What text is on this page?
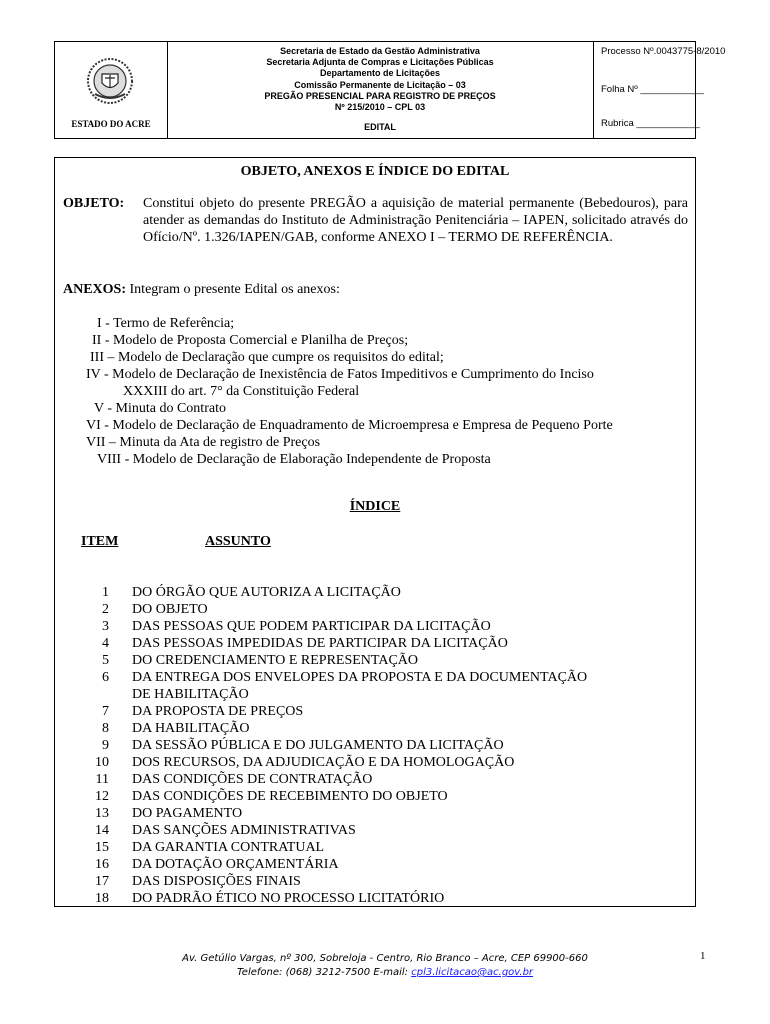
ESTADO DO ACRE
Secretaria de Estado da Gestão Administrativa
Secretaria Adjunta de Compras e Licitações Públicas
Departamento de Licitações
Comissão Permanente de Licitação – 03
PREGÃO PRESENCIAL PARA REGISTRO DE PREÇOS
Nº 215/2010 – CPL 03
EDITAL
Processo Nº.0043775-8/2010
Folha Nº ____________
Rubrica ____________
OBJETO, ANEXOS E ÍNDICE DO EDITAL
OBJETO: Constitui objeto do presente PREGÃO a aquisição de material permanente (Bebedouros), para atender as demandas do Instituto de Administração Penitenciária – IAPEN, solicitado através do Ofício/Nº. 1.326/IAPEN/GAB, conforme ANEXO I – TERMO DE REFERÊNCIA.
ANEXOS: Integram o presente Edital os anexos:
I - Termo de Referência;
II - Modelo de Proposta Comercial e Planilha de Preços;
III – Modelo de Declaração que cumpre os requisitos do edital;
IV - Modelo de Declaração de Inexistência de Fatos Impeditivos e Cumprimento do Inciso
XXXIII do art. 7° da Constituição Federal
V - Minuta do Contrato
VI - Modelo de Declaração de Enquadramento de Microempresa e Empresa de Pequeno Porte
VII – Minuta da Ata de registro de Preços
VIII - Modelo de Declaração de Elaboração Independente de Proposta
ÍNDICE
ITEM	ASSUNTO
1 DO ÓRGÃO QUE AUTORIZA A LICITAÇÃO
2 DO OBJETO
3 DAS PESSOAS QUE PODEM PARTICIPAR DA LICITAÇÃO
4 DAS PESSOAS IMPEDIDAS DE PARTICIPAR DA LICITAÇÃO
5 DO CREDENCIAMENTO E REPRESENTAÇÃO
6 DA ENTREGA DOS ENVELOPES DA PROPOSTA E DA DOCUMENTAÇÃO
DE HABILITAÇÃO
7 DA PROPOSTA DE PREÇOS
8 DA HABILITAÇÃO
9 DA SESSÃO PÚBLICA E DO JULGAMENTO DA LICITAÇÃO
10 DOS RECURSOS, DA ADJUDICAÇÃO E DA HOMOLOGAÇÃO
11 DAS CONDIÇÕES DE CONTRATAÇÃO
12 DAS CONDIÇÕES DE RECEBIMENTO DO OBJETO
13 DO PAGAMENTO
14 DAS SANÇÕES ADMINISTRATIVAS
15 DA GARANTIA CONTRATUAL
16 DA DOTAÇÃO ORÇAMENTÁRIA
17 DAS DISPOSIÇÕES FINAIS
18 DO PADRÃO ÉTICO NO PROCESSO LICITATÓRIO
Av. Getúlio Vargas, nº 300, Sobreloja - Centro, Rio Branco – Acre, CEP 69900-660
Telefone: (068) 3212-7500 E-mail: cpl3.licitacao@ac.gov.br
1
